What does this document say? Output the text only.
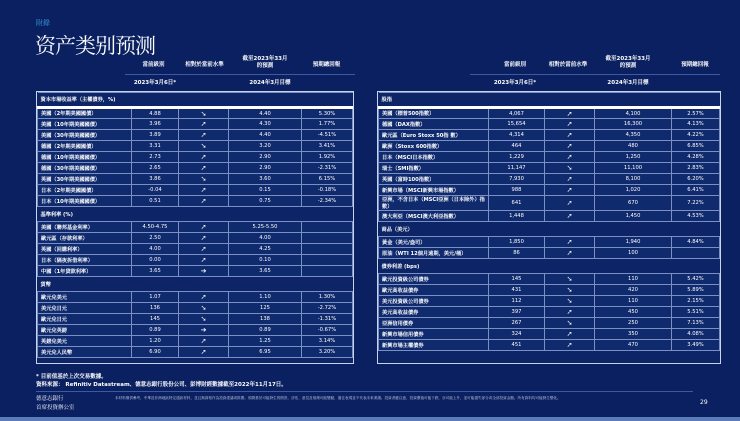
附錄
资产类别预测
當前級別	相對於當前水準
截至2023年33月的預測	預期總回報
2023年3月6日*	2024年3月目標
當前級別	相對於當前水準
截至2023年33月的預測	預期總回報
2023年3月6日*	2024年3月目標
資本市場收益率（主權債券，%)				
美國（2年期美國國債）	4.88	➘	4.40	5.30%
美國（10年期美國國債）	3.96	➚	4.30	1.77%
美國（30年期美國國債）	3.89	➚	4.40	-4.51%
德國（2年期美國國債）	3.31	➘	3.20	3.41%
德國（10年期美國國債）	2.73	➚	2.90	1.92%
德國（30年期美國國債）	2.65	➚	2.90	-2.31%
英國（30年期美國國債）	3.86	➘	3.60	6.15%
日本（2年期美國國債）	-0.04	➚	0.15	-0.18%
日本（10年期美國國債）	0.51	➚	0.75	-2.34%
基準利率 (%)				
美國（聯邦基金利率）	4.50-4.75	➚	5.25-5.50	
歐元區（存款利率）	2.50	➚	4.00	
英國（回購利率）	4.00	➚	4.25	
日本（隔夜拆借利率）	0.00	➚	0.10	
中國（1年貸款利率）	3.65	➔	3.65	
貨幣				
歐元兌美元	1.07	➚	1.10	1.30%
美元兌日元	136	➘	125	-2.72%
歐元兌日元	145	➘	138	-1.31%
歐元兌英鎊	0.89	➔	0.89	-0.67%
英鎊兌美元	1.20	➚	1.25	3.14%
美元兌人民幣	6.90	➚	6.95	3.20%
股指				
美國（標普500指數）	4,067	➚	4,100	2.57%
德國（DAX指數）	15,654	➚	16,300	4.13%
歐元區（Euro Stoxx 50指 數）	4,314	➚	4,350	4.22%
歐洲（Stoxx 600指數）	464	➚	480	6.85%
日本（MSCI日本指數）	1,229	➚	1,250	4.28%
瑞士（SMI指數）	11,147	➘	11,100	2.83%
英國（富時100指數）	7,930	➚	8,100	6.20%
新興市場（MSCI新興市場指數）	988	➚	1,020	6.41%
亞洲，不含日本（MSCI亞洲（日本除外）指數）	641	➚	670	7.22%
澳大利亞（MSCI澳大利亞指數）	1,448	➚	1,450	4.53%
商品（美元）				
黃金（美元/盎司）	1,850	➚	1,940	4.84%
原油（WTI 12個月遠期，美元/桶）	86	➚	100	
債券利差 (bps)				
歐元投資級公司債券	145	➘	110	5.42%
歐元高收益債券	431	➘	420	5.89%
美元投資級公司債券	112	➘	110	2.15%
美元高收益債券	397	➚	450	5.51%
亞洲信用債券	267	➘	250	7.13%
新興市場信用債券	324	➚	350	4.08%
新興市場主權債券	451	➚	470	3.49%
* 目前值基於上次交易數據。
資料來源： Refinitiv Datastream、德意志銀行股份公司、彭博財經數據截至2022年11月17日。
德意志銀行
首席投資辦公室
本材料僅供參考，中華及非洲地區特定通訊材料，並且無資格作為投資建議或推薦。預測基於可能發生的假設，評估、意見及預測可能變動，過往表現並不代表未來業績。投資者應注意，投資價值可能下跌，亦可能上升，並可能損失部分或全部投資金額。所有資料均可能發生變化。
29
